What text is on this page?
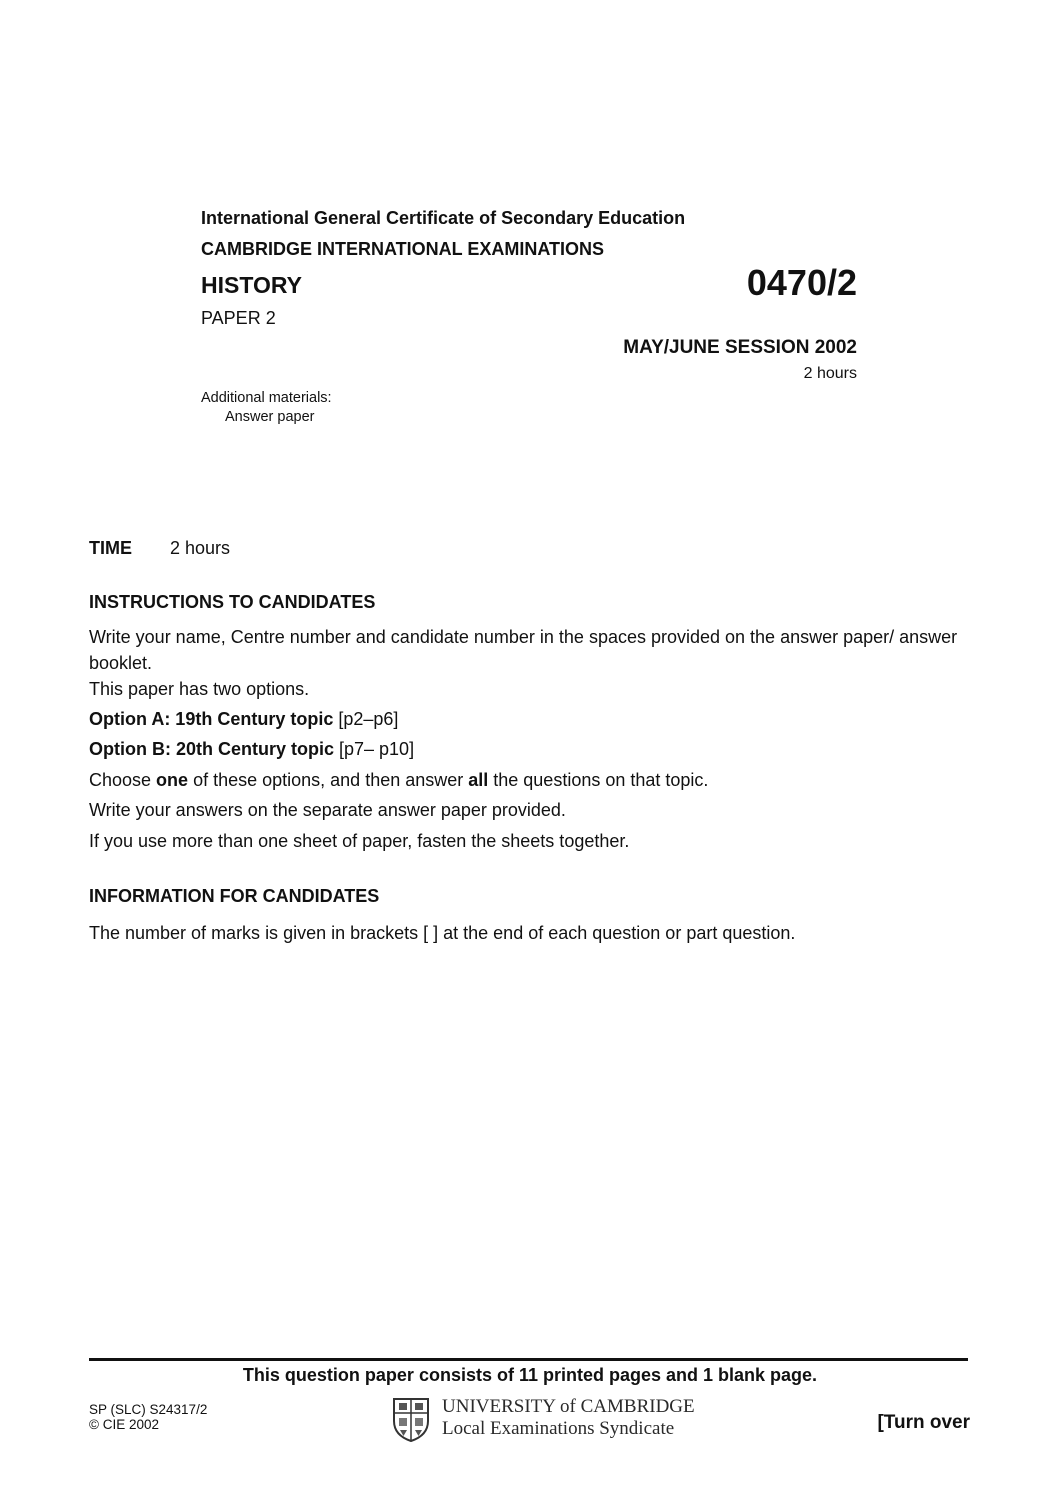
International General Certificate of Secondary Education
CAMBRIDGE INTERNATIONAL EXAMINATIONS
HISTORY	0470/2
PAPER 2
MAY/JUNE SESSION 2002
2 hours
Additional materials:
Answer paper
TIME 2 hours
INSTRUCTIONS TO CANDIDATES
Write your name, Centre number and candidate number in the spaces provided on the answer paper/ answer booklet.
This paper has two options.
Option A: 19th Century topic [p2–p6]
Option B: 20th Century topic [p7– p10]
Choose one of these options, and then answer all the questions on that topic.
Write your answers on the separate answer paper provided.
If you use more than one sheet of paper, fasten the sheets together.
INFORMATION FOR CANDIDATES
The number of marks is given in brackets [ ] at the end of each question or part question.
This question paper consists of 11 printed pages and 1 blank page.
SP (SLC) S24317/2
© CIE 2002
UNIVERSITY of CAMBRIDGE
Local Examinations Syndicate	[Turn over
